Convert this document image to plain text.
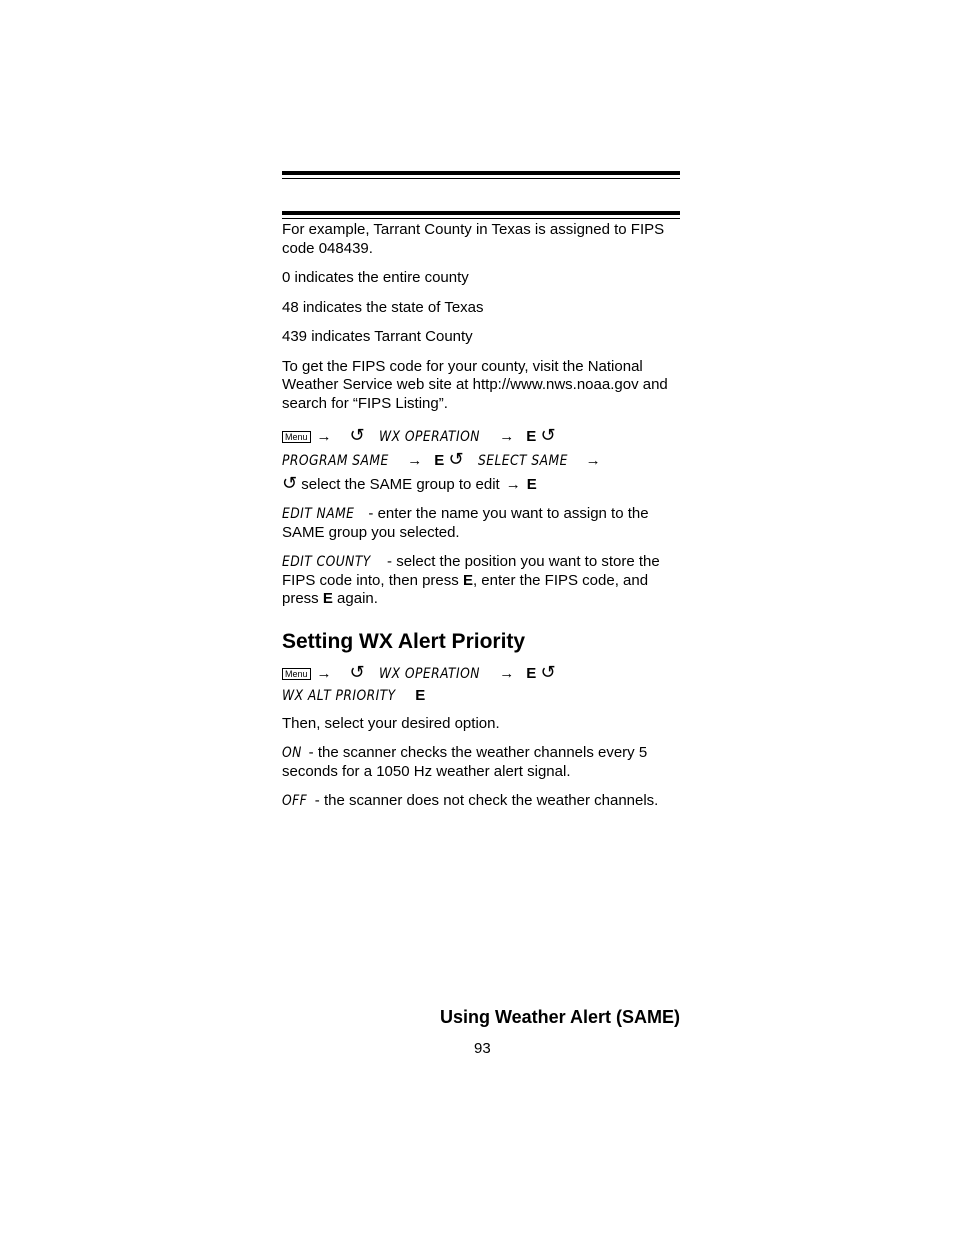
For example, Tarrant County in Texas is assigned to FIPS code 048439.

0 indicates the entire county

48 indicates the state of Texas

439 indicates Tarrant County

To get the FIPS code for your county, visit the National Weather Service web site at http://www.nws.noaa.gov and search for “FIPS Listing”.

Menu → ↺ WX OPERATION → E ↺
PROGRAM SAME → E ↺ SELECT SAME →
↺ select the SAME group to edit → E

EDIT NAME - enter the name you want to assign to the SAME group you selected.

EDIT COUNTY - select the position you want to store the FIPS code into, then press E, enter the FIPS code, and press E again.

Setting WX Alert Priority
Menu → ↺ WX OPERATION → E ↺
WX ALT PRIORITY E

Then, select your desired option.

ON - the scanner checks the weather channels every 5 seconds for a 1050 Hz weather alert signal.

OFF - the scanner does not check the weather channels.

Using Weather Alert (SAME)
93
